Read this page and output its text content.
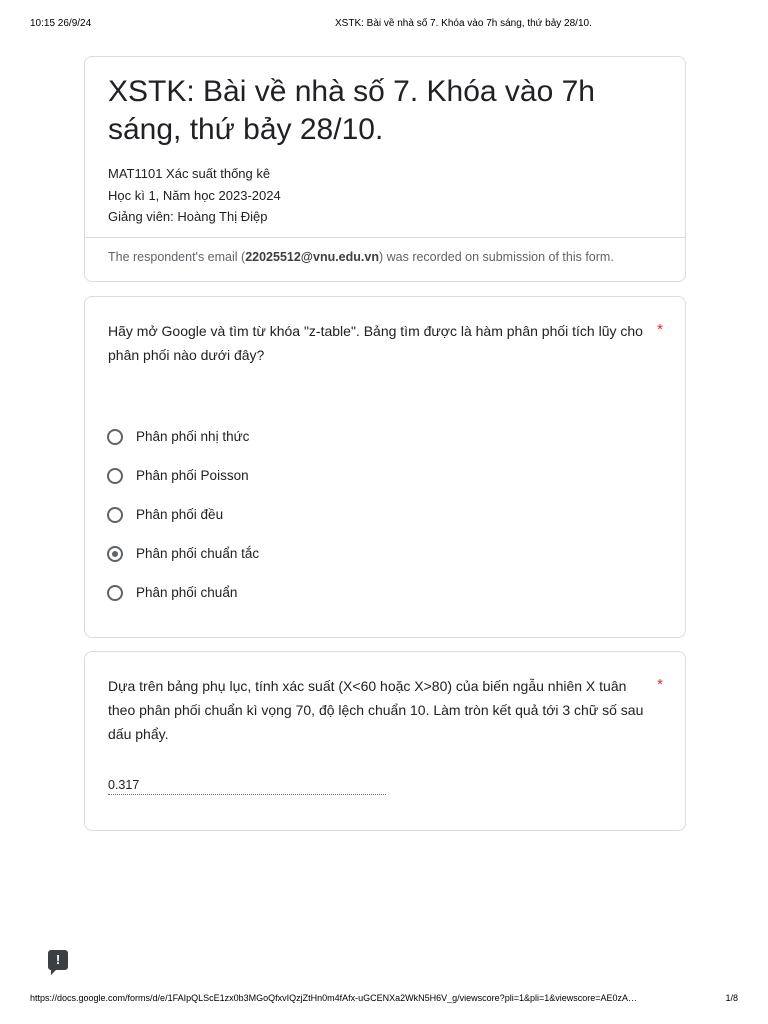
10:15 26/9/24	XSTK: Bài về nhà số 7. Khóa vào 7h sáng, thứ bảy 28/10.
XSTK: Bài về nhà số 7. Khóa vào 7h sáng, thứ bảy 28/10.
MAT1101 Xác suất thống kê
Học kì 1, Năm học 2023-2024
Giảng viên: Hoàng Thị Điệp
The respondent's email (22025512@vnu.edu.vn) was recorded on submission of this form.
Hãy mở Google và tìm từ khóa "z-table". Bảng tìm được là hàm phân phối tích lũy cho phân phối nào dưới đây?
*
Phân phối nhị thức
Phân phối Poisson
Phân phối đều
Phân phối chuẩn tắc
Phân phối chuẩn
Dựa trên bảng phụ lục, tính xác suất (X<60 hoặc X>80) của biến ngẫu nhiên X tuân theo phân phối chuẩn kì vọng 70, độ lệch chuẩn 10. Làm tròn kết quả tới 3 chữ số sau dấu phẩy.
*
0.317
!
https://docs.google.com/forms/d/e/1FAIpQLScE1zx0b3MGoQfxvIQzjZtHn0m4fAfx-uGCENXa2WkN5H6V_g/viewscore?pli=1&pli=1&viewscore=AE0zA…	1/8
